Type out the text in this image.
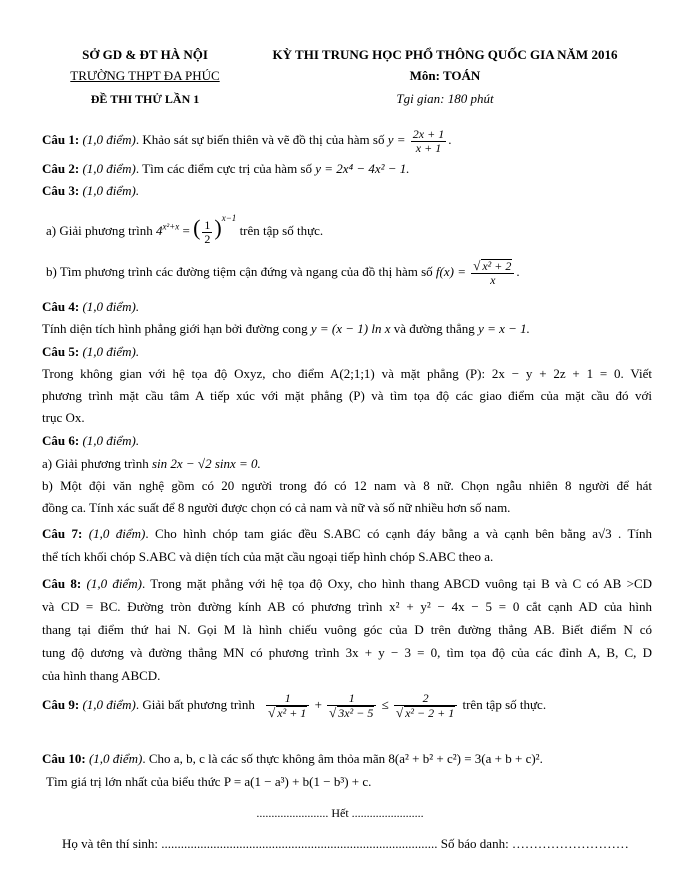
SỞ GD & ĐT HÀ NỘI
TRƯỜNG THPT ĐA PHÚC
ĐỀ THI THỬ LẦN 1
KỲ THI TRUNG HỌC PHỔ THÔNG QUỐC GIA NĂM 2016
Môn: TOÁN
Tgi gian: 180 phút
Câu 1: (1,0 điểm). Khảo sát sự biến thiên và vẽ đồ thị của hàm số $y = \frac{2x + 1}{x + 1}$ .
Câu 2: (1,0 điểm). Tìm các điểm cực trị của hàm số y = 2x⁴ − 4x² − 1.
Câu 3: (1,0 điểm).
a) Giải phương trình $4^{x^2+x}$ = ( $\frac{1}{2} )^{x-1}$ trên tập số thực.
b) Tìm phương trình các đường tiệm cận đứng và ngang của đồ thị hàm số $f(x) = \frac{\text{√ x² + 2}}{x}$ .
Câu 4: (1,0 điểm).
Tính diện tích hình phẳng giới hạn bởi đường cong y = (x − 1) ln x và đường thẳng y = x − 1.
Câu 5: (1,0 điểm).
Trong không gian với hệ tọa độ Oxyz, cho điểm A(2;1;1) và mặt phẳng (P): 2x − y + 2z + 1 = 0. Viết
phương trình mặt cầu tâm A tiếp xúc với mặt phẳng (P) và tìm tọa độ các giao điểm của mặt cầu đó với
trục Ox.
Câu 6: (1,0 điểm).
a) Giải phương trình sin 2x − √2 sinx = 0.
b) Một đội văn nghệ gồm có 20 người trong đó có 12 nam và 8 nữ. Chọn ngẫu nhiên 8 người để hát
đồng ca. Tính xác suất để 8 người được chọn có cả nam và nữ và số nữ nhiều hơn số nam.
Câu 7: (1,0 điểm). Cho hình chóp tam giác đều S.ABC có cạnh đáy bằng a và cạnh bên bằng a√3 . Tính
thể tích khối chóp S.ABC và diện tích của mặt cầu ngoại tiếp hình chóp S.ABC theo a.
Câu 8: (1,0 điểm). Trong mặt phẳng với hệ tọa độ Oxy, cho hình thang ABCD vuông tại B và C có AB >CD
và CD = BC. Đường tròn đường kính AB có phương trình x² + y² − 4x − 5 = 0 cắt cạnh AD của hình
thang tại điểm thứ hai N. Gọi M là hình chiếu vuông góc của D trên đường thẳng AB. Biết điểm N có
tung độ dương và đường thẳng MN có phương trình 3x + y − 3 = 0, tìm tọa độ của các đỉnh A, B, C, D
của hình thang ABCD.
Câu 9: (1,0 điểm). Giải bất phương trình $\frac{1}{\text{√ x² + 1}} + \frac{1}{\text{√ 3x² − 5}} \le \frac{2}{\text{√ x² − 2 + 1}}$ trên tập số thực.
Câu 10: (1,0 điểm). Cho a, b, c là các số thực không âm thỏa mãn 8(a² + b² + c²) = 3(a + b + c)².
Tìm giá trị lớn nhất của biểu thức P = a(1 − a³) + b(1 − b³) + c.
........................ Hết ........................
Họ và tên thí sinh: ..................................................................................... Số báo danh: ………………………
